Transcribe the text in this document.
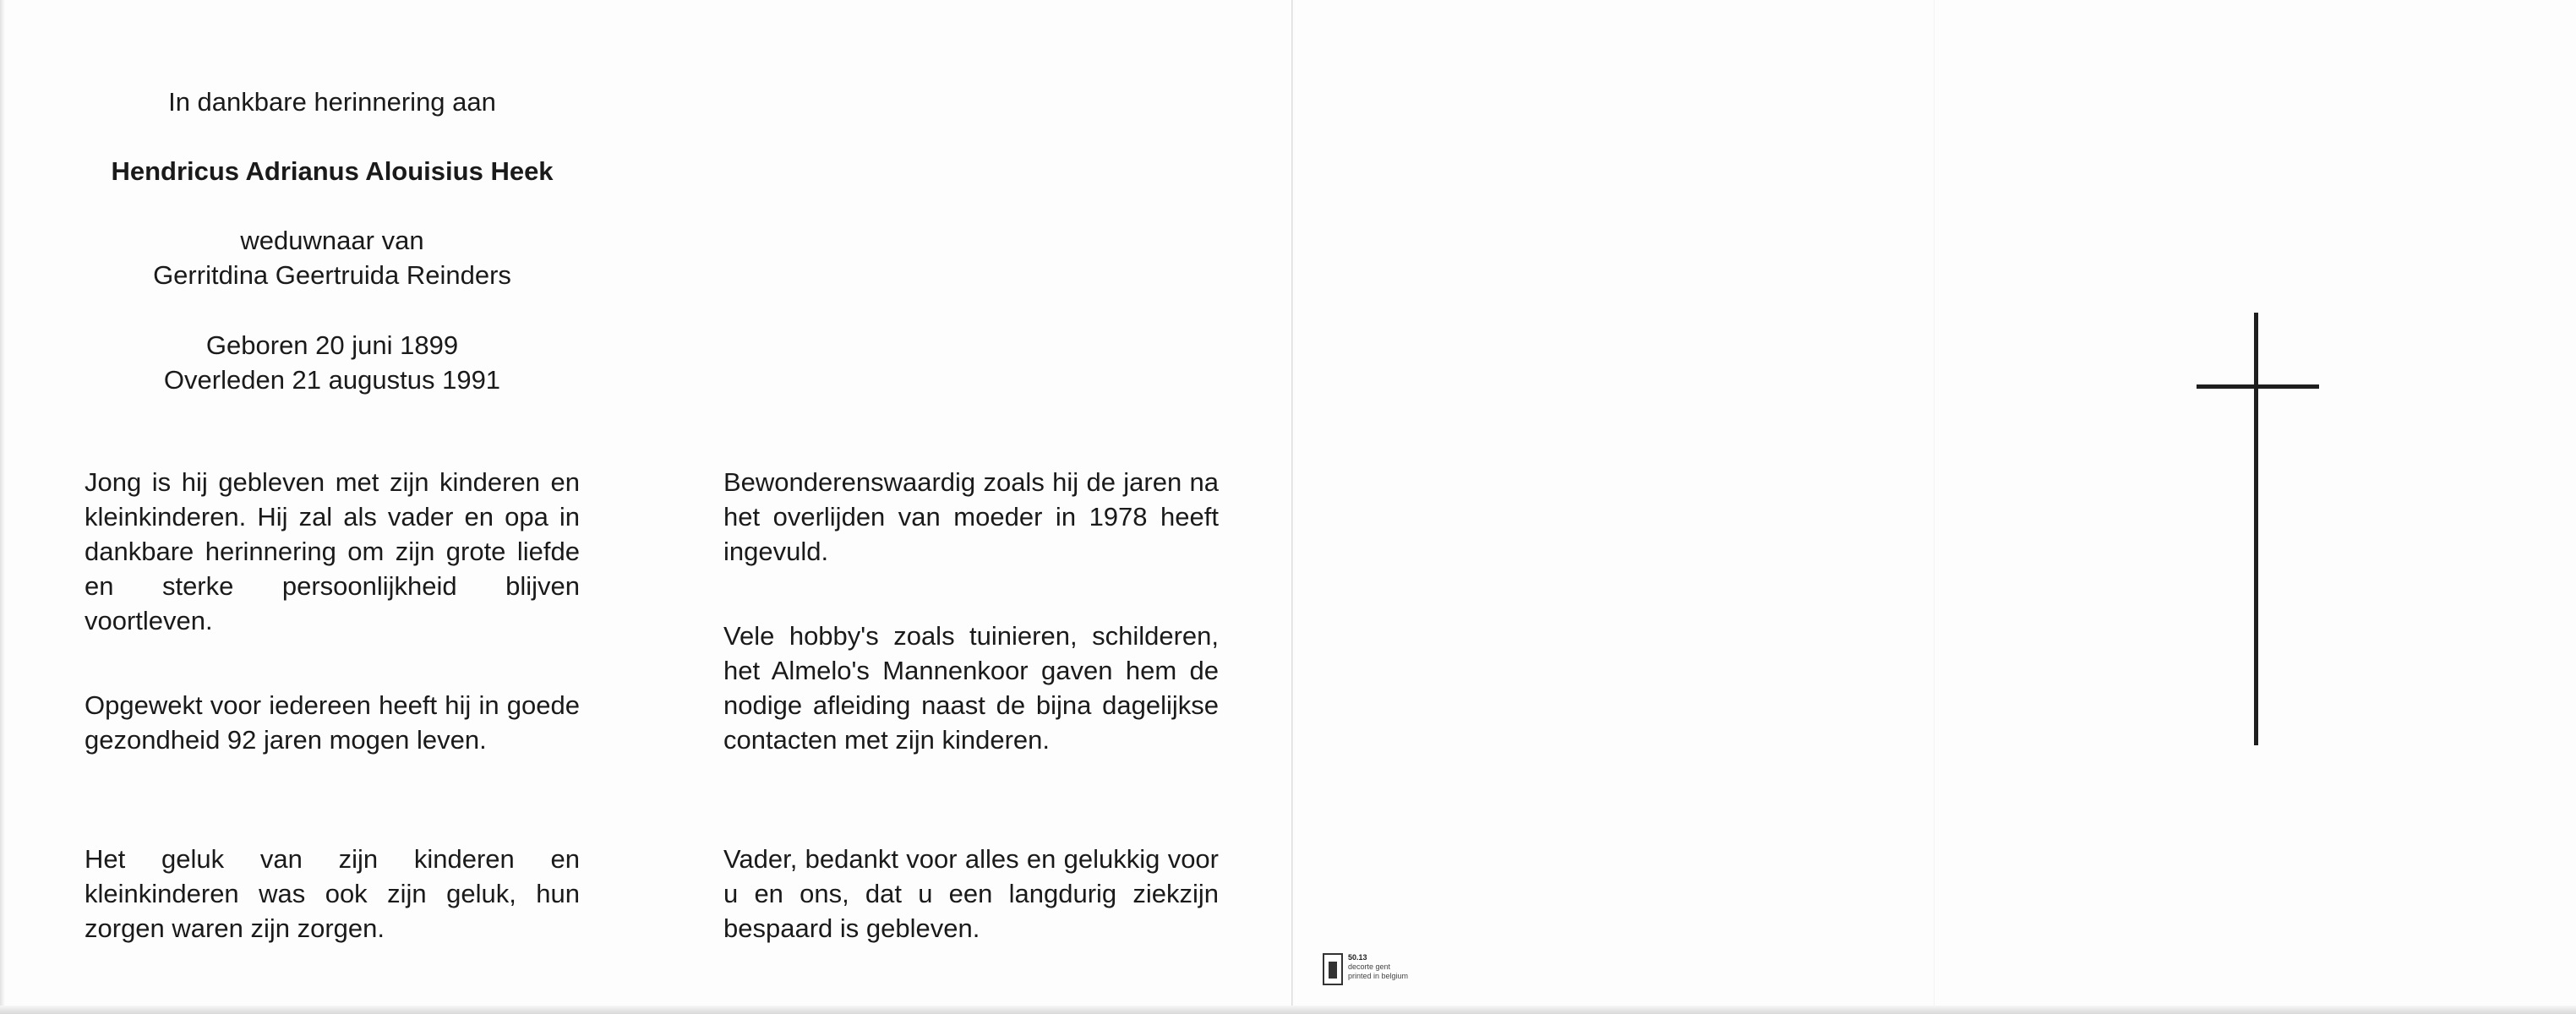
In dankbare herinnering aan
Hendricus Adrianus Alouisius Heek
weduwnaar van
Gerritdina Geertruida Reinders
Geboren 20 juni 1899
Overleden 21 augustus 1991

Jong is hij gebleven met zijn kinderen en kleinkinderen. Hij zal als vader en opa in dankbare herinnering om zijn grote liefde en sterke persoonlijkheid blijven voortleven.

Opgewekt voor iedereen heeft hij in goede gezondheid 92 jaren mogen leven.

Het geluk van zijn kinderen en kleinkinderen was ook zijn geluk, hun zorgen waren zijn zorgen.

Bewonderenswaardig zoals hij de jaren na het overlijden van moeder in 1978 heeft ingevuld.

Vele hobby's zoals tuinieren, schilderen, het Almelo's Mannenkoor gaven hem de nodige afleiding naast de bijna dagelijkse contacten met zijn kinderen.

Vader, bedankt voor alles en gelukkig voor u en ons, dat u een langdurig ziekzijn bespaard is gebleven.

50.13
decorte gent
printed in belgium
